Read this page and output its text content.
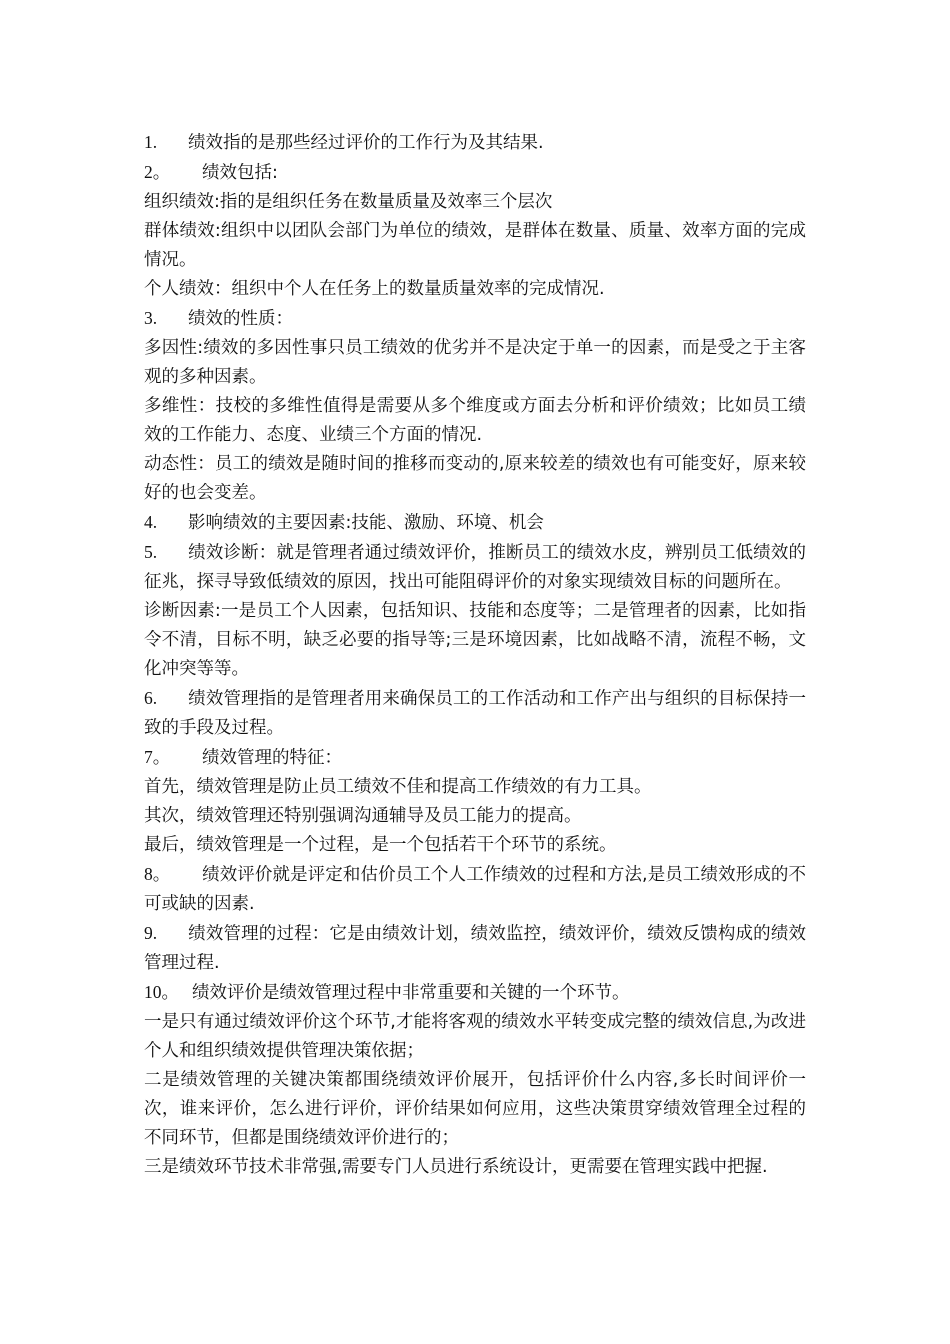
1. 绩效指的是那些经过评价的工作行为及其结果.

2。 绩效包括:

组织绩效:指的是组织任务在数量质量及效率三个层次

群体绩效:组织中以团队会部门为单位的绩效，是群体在数量、质量、效率方面的完成情况。

个人绩效：组织中个人在任务上的数量质量效率的完成情况.

3. 绩效的性质：

多因性:绩效的多因性事只员工绩效的优劣并不是决定于单一的因素，而是受之于主客观的多种因素。

多维性：技校的多维性值得是需要从多个维度或方面去分析和评价绩效；比如员工绩效的工作能力、态度、业绩三个方面的情况.

动态性：员工的绩效是随时间的推移而变动的,原来较差的绩效也有可能变好，原来较好的也会变差。

4. 影响绩效的主要因素:技能、激励、环境、机会

5. 绩效诊断：就是管理者通过绩效评价，推断员工的绩效水皮，辨别员工低绩效的征兆，探寻导致低绩效的原因，找出可能阻碍评价的对象实现绩效目标的问题所在。

诊断因素:一是员工个人因素，包括知识、技能和态度等；二是管理者的因素，比如指令不清，目标不明，缺乏必要的指导等;三是环境因素，比如战略不清，流程不畅，文化冲突等等。

6. 绩效管理指的是管理者用来确保员工的工作活动和工作产出与组织的目标保持一致的手段及过程。

7。 绩效管理的特征：

首先，绩效管理是防止员工绩效不佳和提高工作绩效的有力工具。

其次，绩效管理还特别强调沟通辅导及员工能力的提高。

最后，绩效管理是一个过程，是一个包括若干个环节的系统。

8。 绩效评价就是评定和估价员工个人工作绩效的过程和方法,是员工绩效形成的不可或缺的因素.

9. 绩效管理的过程：它是由绩效计划，绩效监控，绩效评价，绩效反馈构成的绩效管理过程.

10。 绩效评价是绩效管理过程中非常重要和关键的一个环节。

一是只有通过绩效评价这个环节,才能将客观的绩效水平转变成完整的绩效信息,为改进个人和组织绩效提供管理决策依据；

二是绩效管理的关键决策都围绕绩效评价展开，包括评价什么内容,多长时间评价一次，谁来评价，怎么进行评价，评价结果如何应用，这些决策贯穿绩效管理全过程的不同环节，但都是围绕绩效评价进行的；

三是绩效环节技术非常强,需要专门人员进行系统设计，更需要在管理实践中把握.
